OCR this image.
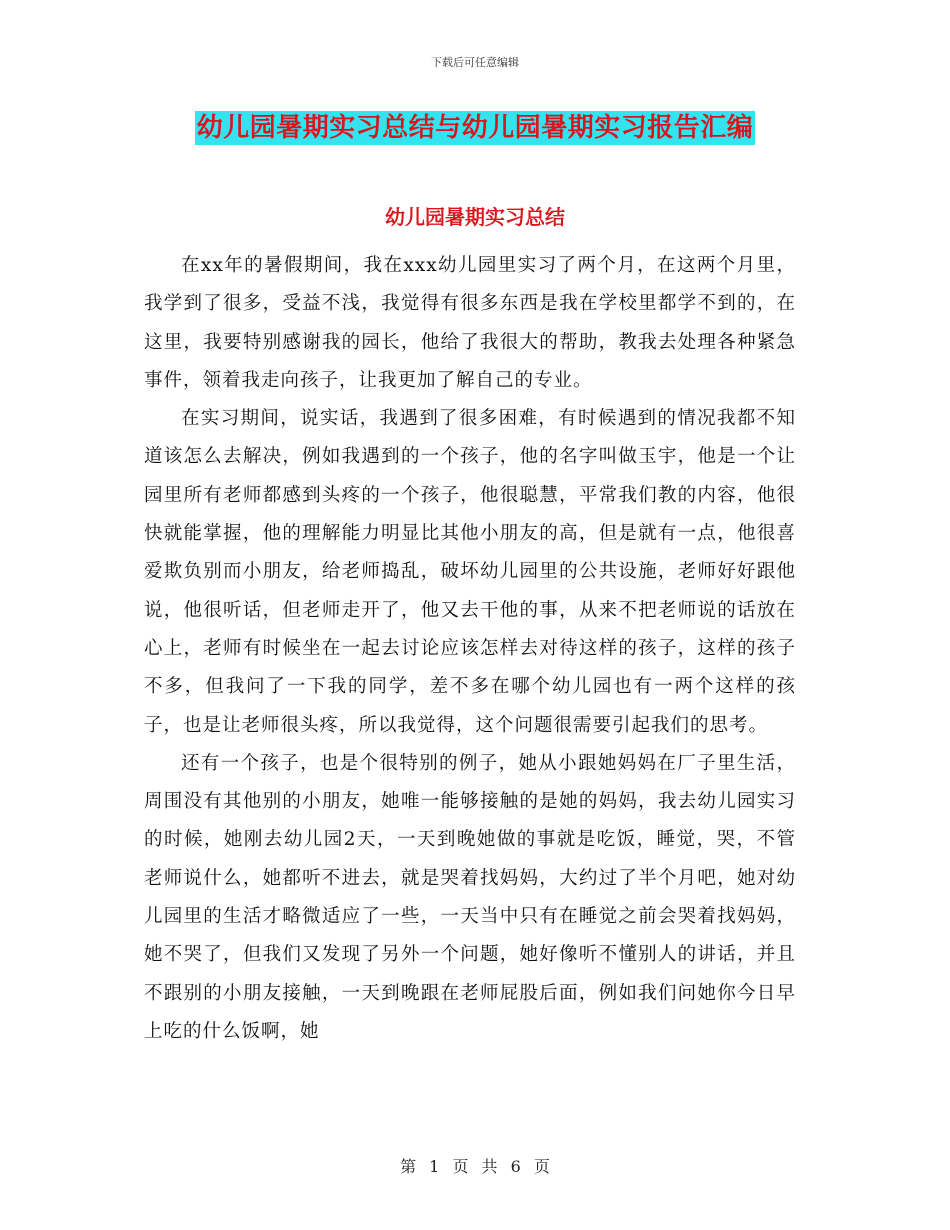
下载后可任意编辑
幼儿园暑期实习总结与幼儿园暑期实习报告汇编
幼儿园暑期实习总结

在xx年的暑假期间，我在xxx幼儿园里实习了两个月，在这两个月里，我学到了很多，受益不浅，我觉得有很多东西是我在学校里都学不到的，在这里，我要特别感谢我的园长，他给了我很大的帮助，教我去处理各种紧急事件，领着我走向孩子，让我更加了解自己的专业。

在实习期间，说实话，我遇到了很多困难，有时候遇到的情况我都不知道该怎么去解决，例如我遇到的一个孩子，他的名字叫做玉宇，他是一个让园里所有老师都感到头疼的一个孩子，他很聪慧，平常我们教的内容，他很快就能掌握，他的理解能力明显比其他小朋友的高，但是就有一点，他很喜爱欺负别而小朋友，给老师捣乱，破坏幼儿园里的公共设施，老师好好跟他说，他很听话，但老师走开了，他又去干他的事，从来不把老师说的话放在心上，老师有时候坐在一起去讨论应该怎样去对待这样的孩子，这样的孩子不多，但我问了一下我的同学，差不多在哪个幼儿园也有一两个这样的孩子，也是让老师很头疼，所以我觉得，这个问题很需要引起我们的思考。

还有一个孩子，也是个很特别的例子，她从小跟她妈妈在厂子里生活，周围没有其他别的小朋友，她唯一能够接触的是她的妈妈，我去幼儿园实习的时候，她刚去幼儿园2天，一天到晚她做的事就是吃饭，睡觉，哭，不管老师说什么，她都听不进去，就是哭着找妈妈，大约过了半个月吧，她对幼儿园里的生活才略微适应了一些，一天当中只有在睡觉之前会哭着找妈妈，她不哭了，但我们又发现了另外一个问题，她好像听不懂别人的讲话，并且不跟别的小朋友接触，一天到晚跟在老师屁股后面，例如我们问她你今日早上吃的什么饭啊，她

第 1 页 共 6 页
